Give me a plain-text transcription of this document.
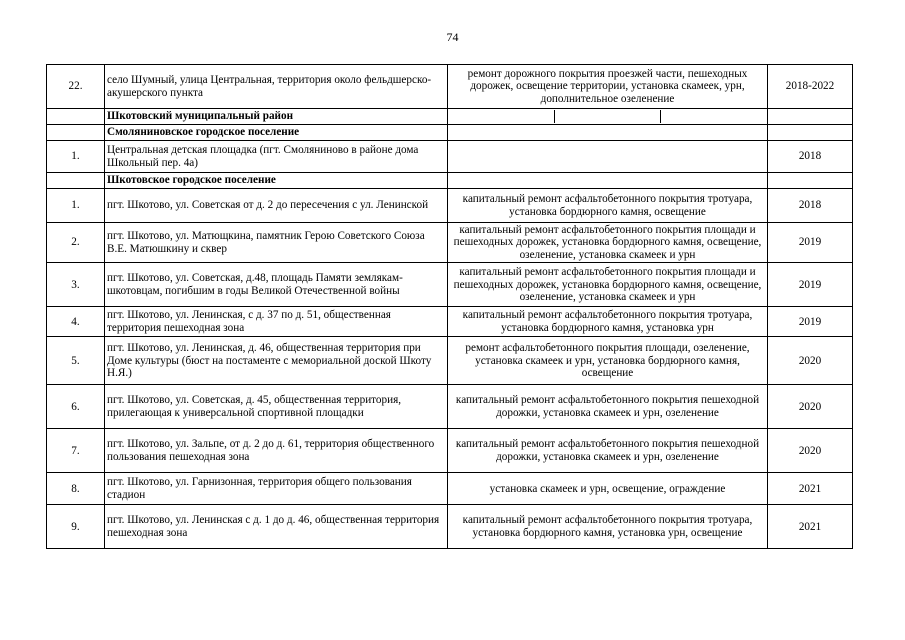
74
22.	село Шумный, улица Центральная, территория около фельдшерско-акушерского пункта	ремонт дорожного покрытия проезжей части, пешеходных дорожек, освещение территории, установка скамеек, урн, дополнительное озеленение	2018-2022
	Шкотовский муниципальный район	

	Смоляниновское городское поселение		
1.	Центральная детская площадка (пгт. Смоляниново в районе дома Школьный пер. 4а)		2018
	Шкотовское городское поселение		
1.	пгт. Шкотово, ул. Советская от д. 2 до пересечения с ул. Ленинской	капитальный ремонт асфальтобетонного покрытия тротуара, установка бордюрного камня, освещение	2018
2.	пгт. Шкотово, ул. Матющкина, памятник Герою Советского Союза В.Е. Матюшкину и сквер	капитальный ремонт асфальтобетонного покрытия площади и пешеходных дорожек, установка бордюрного камня, освещение, озеленение, установка скамеек и урн	2019
3.	пгт. Шкотово, ул. Советская, д.48, площадь Памяти землякам-шкотовцам, погибшим в годы Великой Отечественной войны	капитальный ремонт асфальтобетонного покрытия площади и пешеходных дорожек, установка бордюрного камня, освещение, озеленение, установка скамеек и урн	2019
4.	пгт. Шкотово, ул. Ленинская, с д. 37 по д. 51, общественная территория пешеходная зона	капитальный ремонт асфальтобетонного покрытия тротуара, установка бордюрного камня, установка урн	2019
5.	пгт. Шкотово, ул. Ленинская, д. 46, общественная территория при Доме культуры (бюст на постаменте с мемориальной доской Шкоту Н.Я.)	ремонт асфальтобетонного покрытия площади, озеленение, установка скамеек и урн, установка бордюрного камня, освещение	2020
6.	пгт. Шкотово, ул. Советская, д. 45, общественная территория, прилегающая к универсальной спортивной площадки	капитальный ремонт асфальтобетонного покрытия пешеходной дорожки, установка скамеек и урн, озеленение	2020
7.	пгт. Шкотово, ул. Зальпе, от д. 2 до д. 61, территория общественного пользования пешеходная зона	капитальный ремонт асфальтобетонного покрытия пешеходной дорожки, установка скамеек и урн, озеленение	2020
8.	пгт. Шкотово, ул. Гарнизонная, территория общего пользования стадион	установка скамеек и урн, освещение, ограждение	2021
9.	пгт. Шкотово, ул. Ленинская с д. 1 до д. 46, общественная территория пешеходная зона	капитальный ремонт асфальтобетонного покрытия тротуара, установка бордюрного камня, установка урн, освещение	2021
